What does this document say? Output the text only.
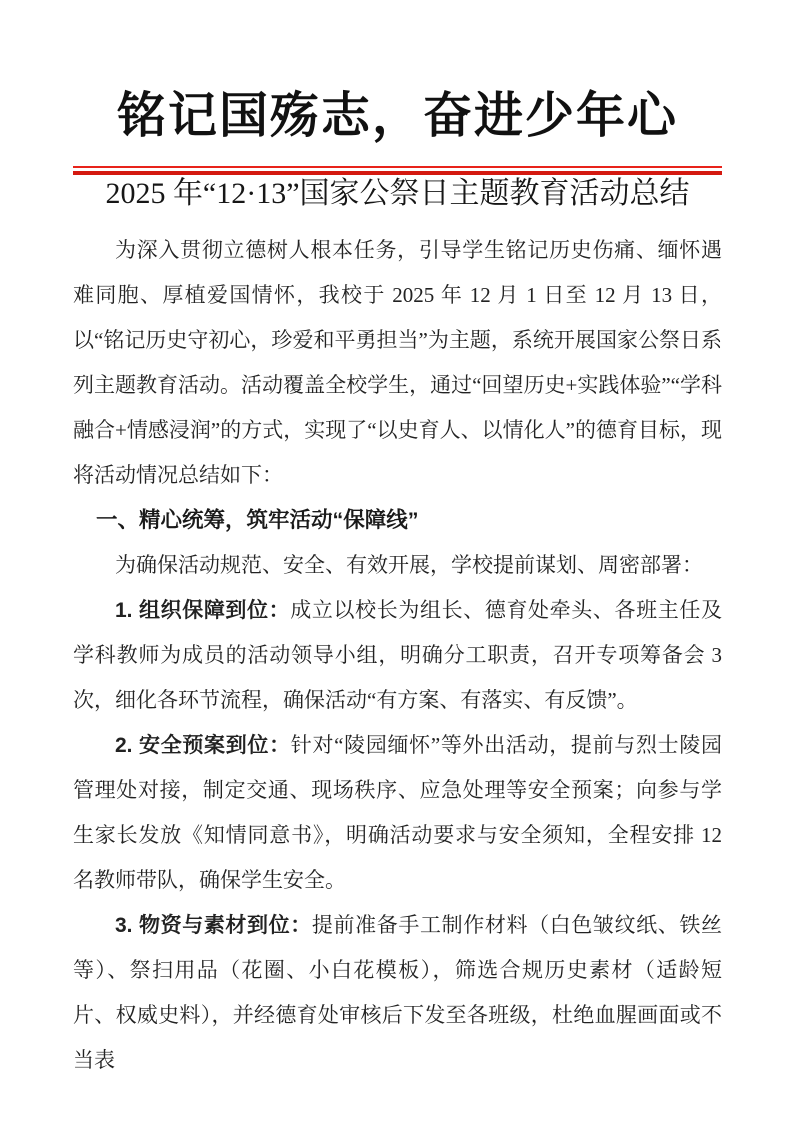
铭记国殇志，奋进少年心
2025 年“12·13”国家公祭日主题教育活动总结

为深入贯彻立德树人根本任务，引导学生铭记历史伤痛、缅怀遇难同胞、厚植爱国情怀，我校于 2025 年 12 月 1 日至 12 月 13 日，以“铭记历史守初心，珍爱和平勇担当”为主题，系统开展国家公祭日系列主题教育活动。活动覆盖全校学生，通过“回望历史+实践体验”“学科融合+情感浸润”的方式，实现了“以史育人、以情化人”的德育目标，现将活动情况总结如下：

一、精心统筹，筑牢活动“保障线”

为确保活动规范、安全、有效开展，学校提前谋划、周密部署：

1. 组织保障到位：成立以校长为组长、德育处牵头、各班主任及学科教师为成员的活动领导小组，明确分工职责，召开专项筹备会 3 次，细化各环节流程，确保活动“有方案、有落实、有反馈”。

2. 安全预案到位：针对“陵园缅怀”等外出活动，提前与烈士陵园管理处对接，制定交通、现场秩序、应急处理等安全预案；向参与学生家长发放《知情同意书》，明确活动要求与安全须知，全程安排 12 名教师带队，确保学生安全。

3. 物资与素材到位：提前准备手工制作材料（白色皱纹纸、铁丝等）、祭扫用品（花圈、小白花模板），筛选合规历史素材（适龄短片、权威史料），并经德育处审核后下发至各班级，杜绝血腥画面或不当表
